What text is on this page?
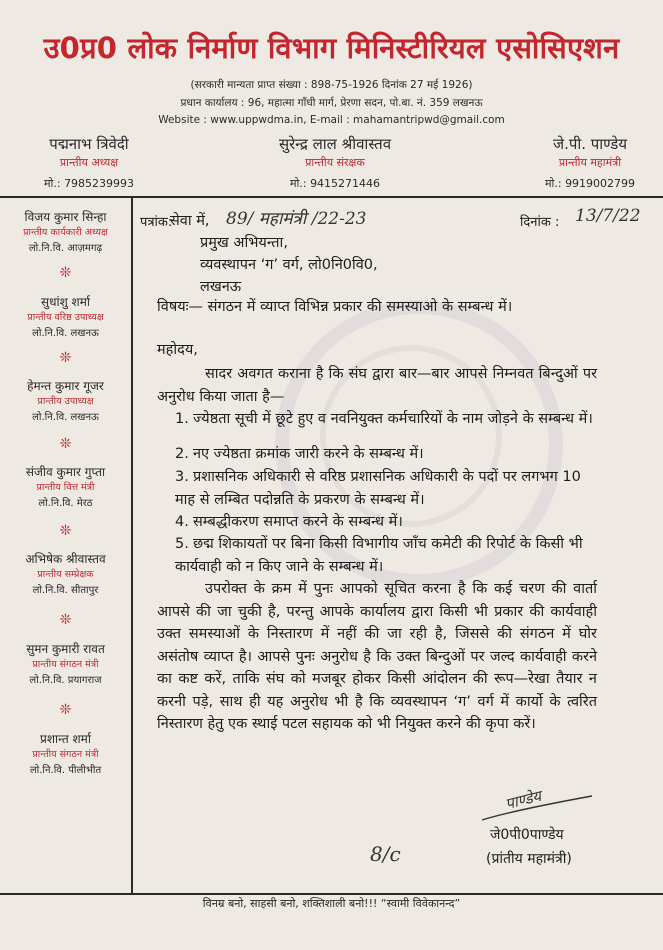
उ0प्र0 लोक निर्माण विभाग मिनिस्टीरियल एसोसिएशन
(सरकारी मान्यता प्राप्त संख्या : 898-75-1926 दिनांक 27 मई 1926)
प्रधान कार्यालय : 96, महात्मा गाँधी मार्ग, प्रेरणा सदन, पो.बा. नं. 359 लखनऊ
Website : www.uppwdma.in, E-mail : mahamantripwd@gmail.com
पद्मनाभ त्रिवेदी
प्रान्तीय अध्यक्ष
मो.: 7985239993
सुरेन्द्र लाल श्रीवास्तव
प्रान्तीय संरक्षक
मो.: 9415271446
जे.पी. पाण्डेय
प्रान्तीय महामंत्री
मो.: 9919002799
विजय कुमार सिन्हा
प्रान्तीय कार्यकारी अध्यक्ष
लो.नि.वि. आज़मगढ़
❊
सुधांशु शर्मा
प्रान्तीय वरिष्ठ उपाध्यक्ष
लो.नि.वि. लखनऊ
❊
हेमन्त कुमार गूजर
प्रान्तीय उपाध्यक्ष
लो.नि.वि. लखनऊ
❊
संजीव कुमार गुप्ता
प्रान्तीय वित्त मंत्री
लो.नि.वि. मेरठ
❊
अभिषेक श्रीवास्तव
प्रान्तीय सम्प्रेक्षक
लो.नि.वि. सीतापुर
❊
सुमन कुमारी रावत
प्रान्तीय संगठन मंत्री
लो.नि.वि. प्रयागराज
❊
प्रशान्त शर्मा
प्रान्तीय संगठन मंत्री
लो.नि.वि. पीलीभीत
पत्रांक:	89/ महामंत्री /22-23	दिनांक : 13/7/22
सेवा में,
प्रमुख अभियन्ता,
व्यवस्थापन ‘ग’ वर्ग, लो0नि0वि0,
लखनऊ
विषयः— संगठन में व्याप्त विभिन्न प्रकार की समस्याओ के सम्बन्ध में।
महोदय,
सादर अवगत कराना है कि संघ द्वारा बार—बार आपसे निम्नवत बिन्दुओं पर अनुरोध किया जाता है—
1. ज्येष्ठता सूची में छूटे हुए व नवनियुक्त कर्मचारियों के नाम जोड़ने के सम्बन्ध में।
2. नए ज्येष्ठता क्रमांक जारी करने के सम्बन्ध में।
3. प्रशासनिक अधिकारी से वरिष्ठ प्रशासनिक अधिकारी के पदों पर लगभग 10 माह से लम्बित पदोन्नति के प्रकरण के सम्बन्ध में।
4. सम्बद्धीकरण समाप्त करने के सम्बन्ध में।
5. छद्म शिकायतों पर बिना किसी विभागीय जाँच कमेटी की रिपोर्ट के किसी भी कार्यवाही को न किए जाने के सम्बन्ध में।
उपरोक्त के क्रम में पुनः आपको सूचित करना है कि कई चरण की वार्ता आपसे की जा चुकी है, परन्तु आपके कार्यालय द्वारा किसी भी प्रकार की कार्यवाही उक्त समस्याओं के निस्तारण में नहीं की जा रही है, जिससे की संगठन में घोर असंतोष व्याप्त है। आपसे पुनः अनुरोध है कि उक्त बिन्दुओं पर जल्द कार्यवाही करने का कष्ट करें, ताकि संघ को मजबूर होकर किसी आंदोलन की रूप—रेखा तैयार न करनी पड़े, साथ ही यह अनुरोध भी है कि व्यवस्थापन ‘ग’ वर्ग में कार्यो के त्वरित निस्तारण हेतु एक स्थाई पटल सहायक को भी नियुक्त करने की कृपा करें।
पाण्डेय
जे0पी0पाण्डेय
(प्रांतीय महामंत्री)
8/c
विनम्र बनो, साहसी बनो, शक्तिशाली बनो!!! “स्वामी विवेकानन्द”
